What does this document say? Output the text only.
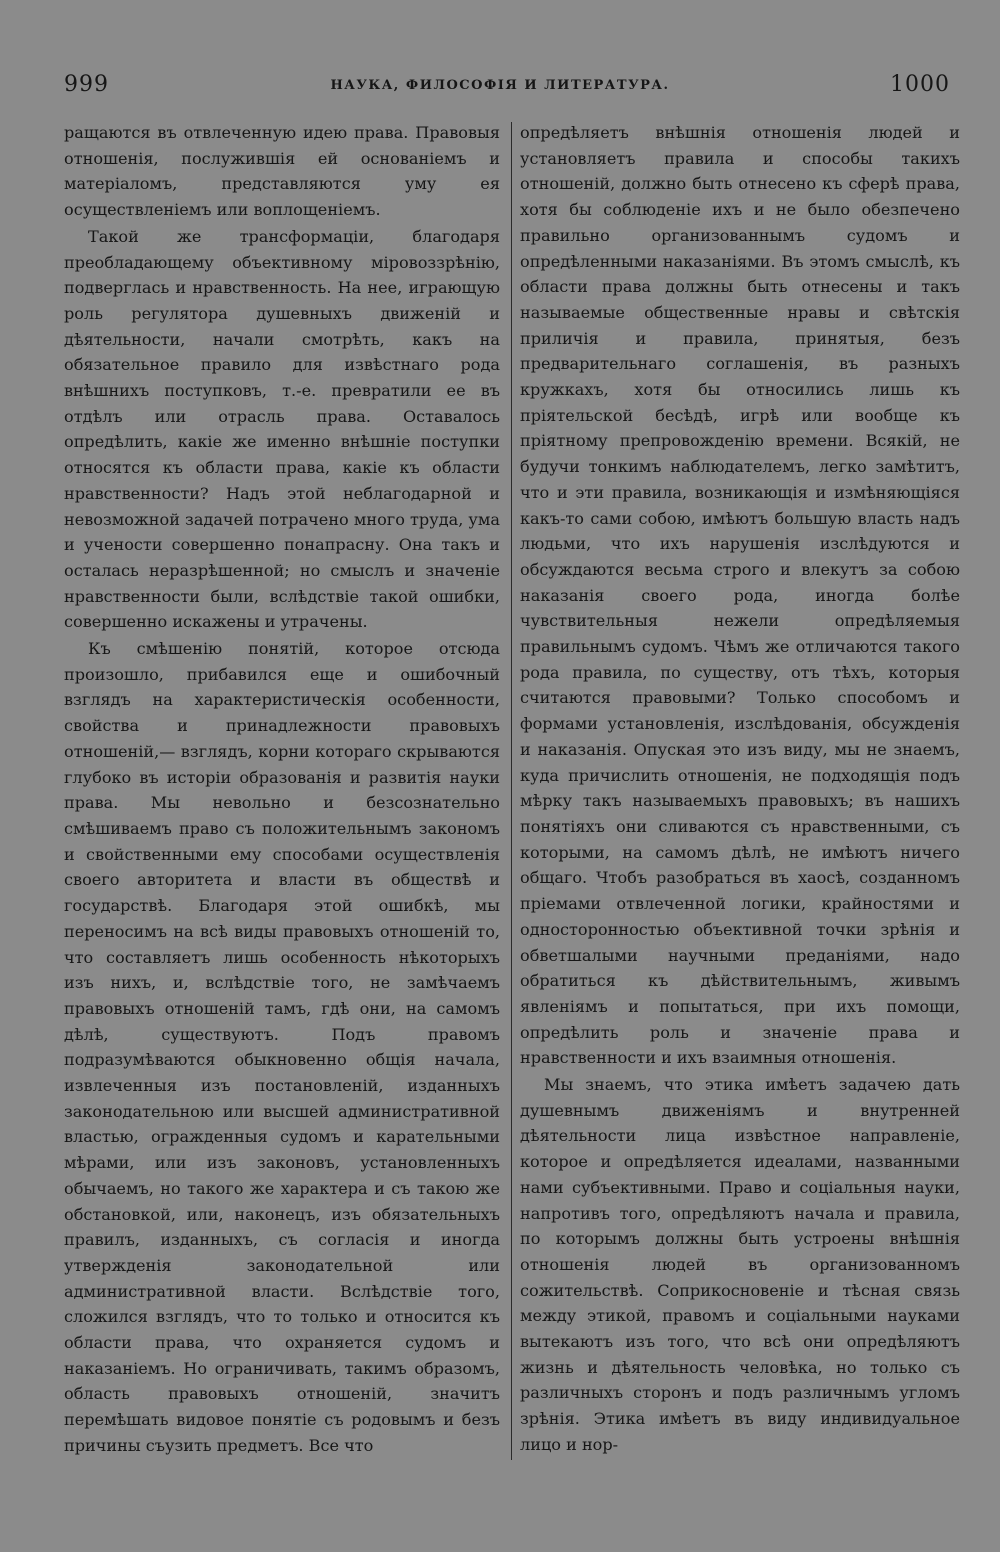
999	НАУКА, ФИЛОСОФІЯ И ЛИТЕРАТУРА.	1000

ращаются въ отвлеченную идею права. Правовыя отношенія, послужившія ей основаніемъ и матеріаломъ, представляются уму ея осуществленіемъ или воплощеніемъ.

Такой же трансформаціи, благодаря преобладающему объективному міровоззрѣнію, подверглась и нравственность. На нее, играющую роль регулятора душевныхъ движеній и дѣятельности, начали смотрѣть, какъ на обязательное правило для извѣстнаго рода внѣшнихъ поступковъ, т.-е. превратили ее въ отдѣлъ или отрасль права. Оставалось опредѣлить, какіе же именно внѣшніе поступки относятся къ области права, какіе къ области нравственности? Надъ этой неблагодарной и невозможной задачей потрачено много труда, ума и учености совершенно понапрасну. Она такъ и осталась неразрѣшенной; но смыслъ и значеніе нравственности были, вслѣдствіе такой ошибки, совершенно искажены и утрачены.

Къ смѣшенію понятій, которое отсюда произошло, прибавился еще и ошибочный взглядъ на характеристическія особенности, свойства и принадлежности правовыхъ отношеній,— взглядъ, корни котораго скрываются глубоко въ исторіи образованія и развитія науки права. Мы невольно и безсознательно смѣшиваемъ право съ положительнымъ закономъ и свойственными ему способами осуществленія своего авторитета и власти въ обществѣ и государствѣ. Благодаря этой ошибкѣ, мы переносимъ на всѣ виды правовыхъ отношеній то, что составляетъ лишь особенность нѣкоторыхъ изъ нихъ, и, вслѣдствіе того, не замѣчаемъ правовыхъ отношеній тамъ, гдѣ они, на самомъ дѣлѣ, существуютъ. Подъ правомъ подразумѣваются обыкновенно общія начала, извлеченныя изъ постановленій, изданныхъ законодательною или высшей административной властью, огражденныя судомъ и карательными мѣрами, или изъ законовъ, установленныхъ обычаемъ, но такого же характера и съ такою же обстановкой, или, наконецъ, изъ обязательныхъ правилъ, изданныхъ, съ согласія и иногда утвержденія законодательной или административной власти. Вслѣдствіе того, сложился взглядъ, что то только и относится къ области права, что охраняется судомъ и наказаніемъ. Но ограничивать, такимъ образомъ, область правовыхъ отношеній, значитъ перемѣшать видовое понятіе съ родовымъ и безъ причины съузить предметъ. Все что

опредѣляетъ внѣшнія отношенія людей и установляетъ правила и способы такихъ отношеній, должно быть отнесено къ сферѣ права, хотя бы соблюденіе ихъ и не было обезпечено правильно организованнымъ судомъ и опредѣленными наказаніями. Въ этомъ смыслѣ, къ области права должны быть отнесены и такъ называемые общественные нравы и свѣтскія приличія и правила, принятыя, безъ предварительнаго соглашенія, въ разныхъ кружкахъ, хотя бы относились лишь къ пріятельской бесѣдѣ, игрѣ или вообще къ пріятному препровожденію времени. Всякій, не будучи тонкимъ наблюдателемъ, легко замѣтитъ, что и эти правила, возникающія и измѣняющіяся какъ-то сами собою, имѣютъ большую власть надъ людьми, что ихъ нарушенія изслѣдуются и обсуждаются весьма строго и влекутъ за собою наказанія своего рода, иногда болѣе чувствительныя нежели опредѣляемыя правильнымъ судомъ. Чѣмъ же отличаются такого рода правила, по существу, отъ тѣхъ, которыя считаются правовыми? Только способомъ и формами установленія, изслѣдованія, обсужденія и наказанія. Опуская это изъ виду, мы не знаемъ, куда причислить отношенія, не подходящія подъ мѣрку такъ называемыхъ правовыхъ; въ нашихъ понятіяхъ они сливаются съ нравственными, съ которыми, на самомъ дѣлѣ, не имѣютъ ничего общаго. Чтобъ разобраться въ хаосѣ, созданномъ пріемами отвлеченной логики, крайностями и односторонностью объективной точки зрѣнія и обветшалыми научными преданіями, надо обратиться къ дѣйствительнымъ, живымъ явленіямъ и попытаться, при ихъ помощи, опредѣлить роль и значеніе права и нравственности и ихъ взаимныя отношенія.

Мы знаемъ, что этика имѣетъ задачею дать душевнымъ движеніямъ и внутренней дѣятельности лица извѣстное направленіе, которое и опредѣляется идеалами, названными нами субъективными. Право и соціальныя науки, напротивъ того, опредѣляютъ начала и правила, по которымъ должны быть устроены внѣшнія отношенія людей въ организованномъ сожительствѣ. Соприкосновеніе и тѣсная связь между этикой, правомъ и соціальными науками вытекаютъ изъ того, что всѣ они опредѣляютъ жизнь и дѣятельность человѣка, но только съ различныхъ сторонъ и подъ различнымъ угломъ зрѣнія. Этика имѣетъ въ виду индивидуальное лицо и нор-
